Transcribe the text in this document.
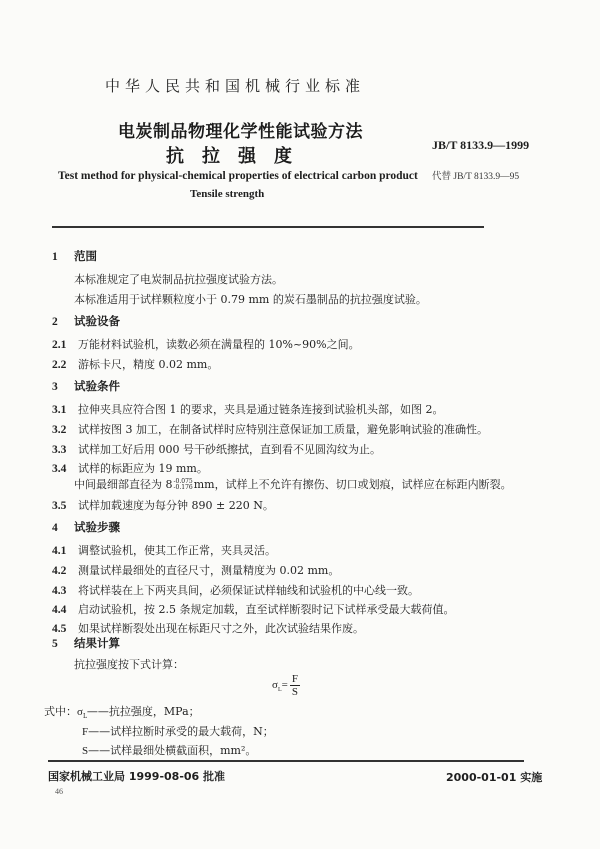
中华人民共和国机械行业标准
电炭制品物理化学性能试验方法
抗拉强度
JB/T 8133.9—1999
代替 JB/T 8133.9—95
Test method for physical-chemical properties of electrical carbon product
Tensile strength
1 范围
本标准规定了电炭制品抗拉强度试验方法。
本标准适用于试样颗粒度小于 0.79 mm 的炭石墨制品的抗拉强度试验。
2 试验设备
2.1 万能材料试验机，读数必须在满量程的 10%~90%之间。
2.2 游标卡尺，精度 0.02 mm。
3 试验条件
3.1 拉伸夹具应符合图 1 的要求，夹具是通过链条连接到试验机头部，如图 2。
3.2 试样按图 3 加工，在制备试样时应特别注意保证加工质量，避免影响试验的准确性。
3.3 试样加工好后用 000 号干砂纸擦拭，直到看不见圆沟纹为止。
3.4 试样的标距应为 19 mm。
中间最细部直径为 8 -0.075
-0.176 mm，试样上不允许有擦伤、切口或划痕，试样应在标距内断裂。
3.5 试样加载速度为每分钟 890 ± 220 N。
4 试验步骤
4.1 调整试验机，使其工作正常，夹具灵活。
4.2 测量试样最细处的直径尺寸，测量精度为 0.02 mm。
4.3 将试样装在上下两夹具间，必须保证试样轴线和试验机的中心线一致。
4.4 启动试验机，按 2.5 条规定加载，直至试样断裂时记下试样承受最大载荷值。
4.5 如果试样断裂处出现在标距尺寸之外，此次试验结果作废。
5 结果计算
抗拉强度按下式计算：
$\sigma_L= \frac{F}{S}$
式中：$\sigma_L——$抗拉强度，MPa；
F——试样拉断时承受的最大载荷，N；
S——试样最细处横截面积，mm²。
国家机械工业局 1999-08-06 批准	2000-01-01 实施
46
